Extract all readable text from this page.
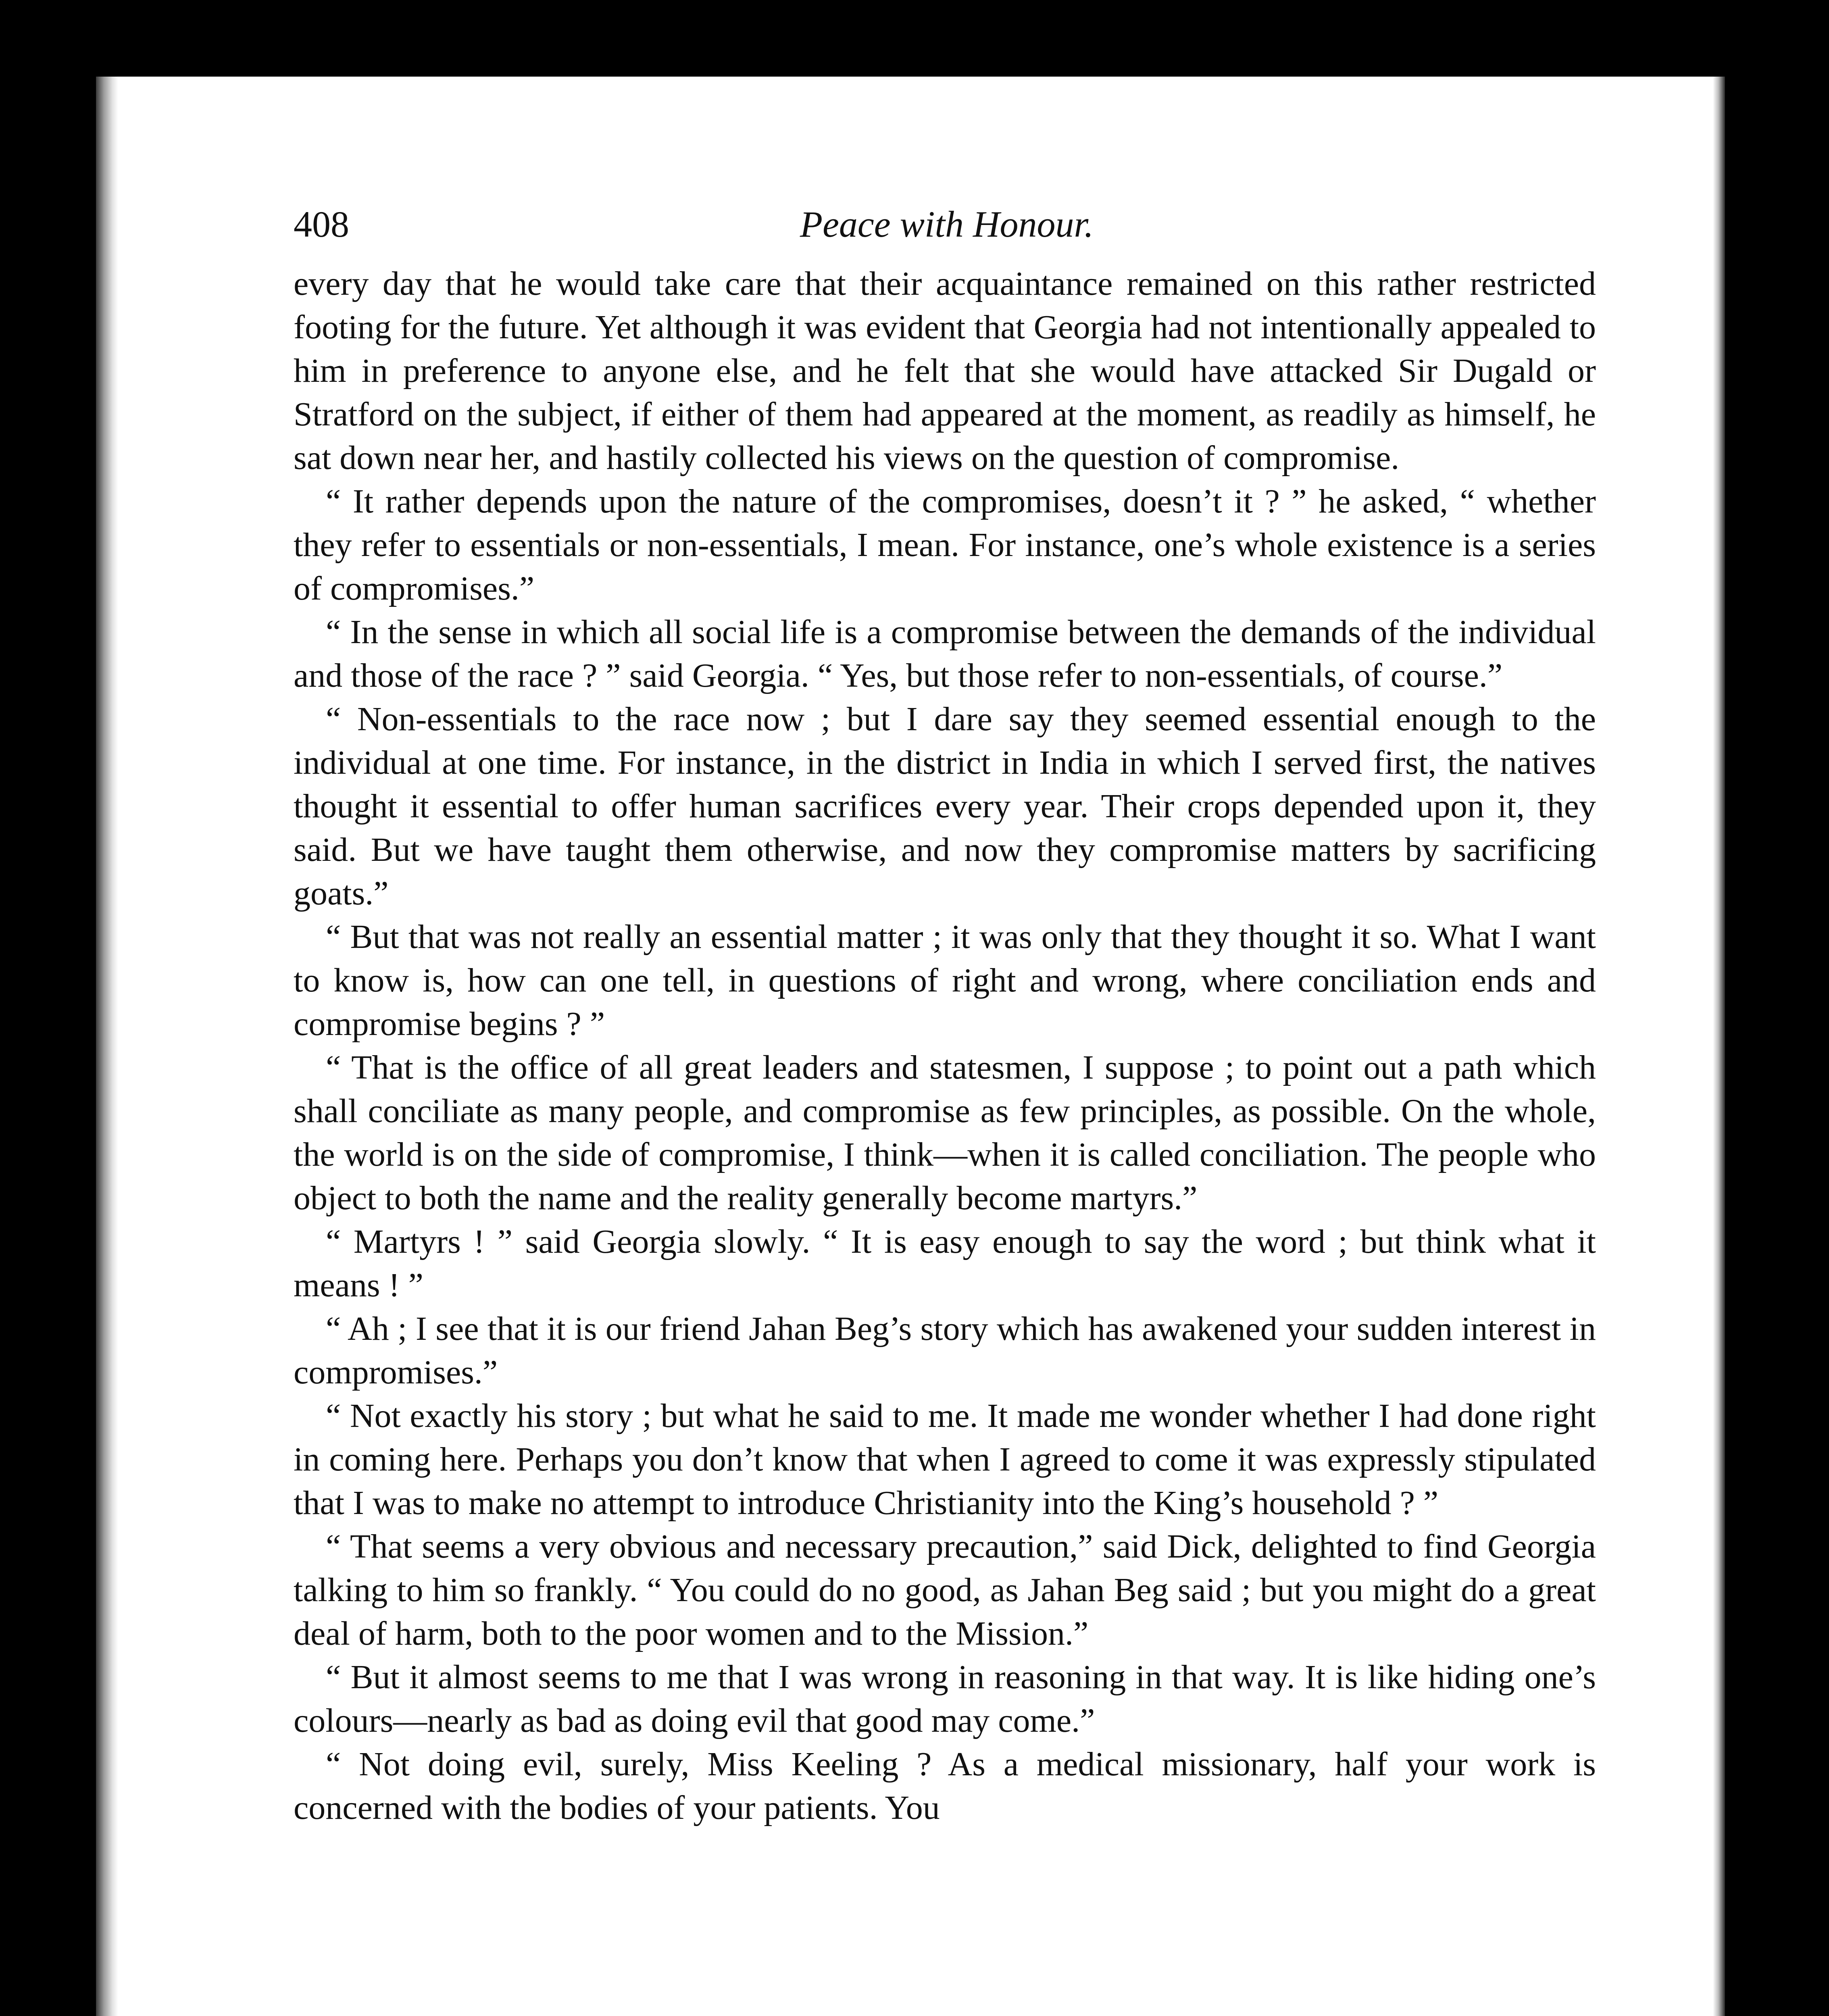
408	Peace with Honour.

every day that he would take care that their acquaintance remained on this rather restricted footing for the future. Yet although it was evident that Georgia had not intentionally appealed to him in preference to anyone else, and he felt that she would have attacked Sir Dugald or Stratford on the subject, if either of them had appeared at the moment, as readily as himself, he sat down near her, and hastily collected his views on the question of compromise.

“ It rather depends upon the nature of the compromises, doesn’t it ? ” he asked, “ whether they refer to essentials or non-essentials, I mean. For instance, one’s whole existence is a series of compromises.”

“ In the sense in which all social life is a compromise between the demands of the individual and those of the race ? ” said Georgia. “ Yes, but those refer to non-essentials, of course.”

“ Non-essentials to the race now ; but I dare say they seemed essential enough to the individual at one time. For instance, in the district in India in which I served first, the natives thought it essential to offer human sacrifices every year. Their crops depended upon it, they said. But we have taught them otherwise, and now they compromise matters by sacrificing goats.”

“ But that was not really an essential matter ; it was only that they thought it so. What I want to know is, how can one tell, in questions of right and wrong, where conciliation ends and compromise begins ? ”

“ That is the office of all great leaders and statesmen, I suppose ; to point out a path which shall conciliate as many people, and compromise as few principles, as possible. On the whole, the world is on the side of compromise, I think—when it is called conciliation. The people who object to both the name and the reality generally become martyrs.”

“ Martyrs ! ” said Georgia slowly. “ It is easy enough to say the word ; but think what it means ! ”

“ Ah ; I see that it is our friend Jahan Beg’s story which has awakened your sudden interest in compromises.”

“ Not exactly his story ; but what he said to me. It made me wonder whether I had done right in coming here. Perhaps you don’t know that when I agreed to come it was expressly stipulated that I was to make no attempt to introduce Christianity into the King’s household ? ”

“ That seems a very obvious and necessary precaution,” said Dick, delighted to find Georgia talking to him so frankly. “ You could do no good, as Jahan Beg said ; but you might do a great deal of harm, both to the poor women and to the Mission.”

“ But it almost seems to me that I was wrong in reasoning in that way. It is like hiding one’s colours—nearly as bad as doing evil that good may come.”

“ Not doing evil, surely, Miss Keeling ? As a medical missionary, half your work is concerned with the bodies of your patients. You
